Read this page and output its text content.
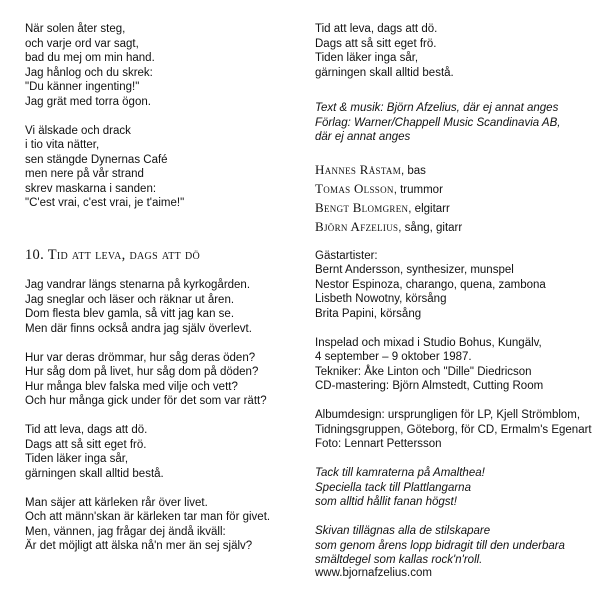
När solen åter steg,
och varje ord var sagt,
bad du mej om min hand.
Jag hånlog och du skrek:
"Du känner ingenting!"
Jag grät med torra ögon.
Vi älskade och drack
i tio vita nätter,
sen stängde Dynernas Café
men nere på vår strand
skrev maskarna i sanden:
"C'est vrai, c'est vrai, je t'aime!"
10. Tid att leva, dags att dö
Jag vandrar längs stenarna på kyrkogården.
Jag sneglar och läser och räknar ut åren.
Dom flesta blev gamla, så vitt jag kan se.
Men där finns också andra jag själv överlevt.
Hur var deras drömmar, hur såg deras öden?
Hur såg dom på livet, hur såg dom på döden?
Hur många blev falska med vilje och vett?
Och hur många gick under för det som var rätt?
Tid att leva, dags att dö.
Dags att så sitt eget frö.
Tiden läker inga sår,
gärningen skall alltid bestå.
Man säjer att kärleken rår över livet.
Och att männ'skan är kärleken tar man för givet.
Men, vännen, jag frågar dej ändå ikväll:
Är det möjligt att älska nå'n mer än sej själv?
Tid att leva, dags att dö.
Dags att så sitt eget frö.
Tiden läker inga sår,
gärningen skall alltid bestå.
Text & musik: Björn Afzelius, där ej annat anges
Förlag: Warner/Chappell Music Scandinavia AB,
där ej annat anges
Hannes Råstam, bas
Tomas Olsson, trummor
Bengt Blomgren, elgitarr
Björn Afzelius, sång, gitarr
Gästartister:
Bernt Andersson, synthesizer, munspel
Nestor Espinoza, charango, quena, zambona
Lisbeth Nowotny, körsång
Brita Papini, körsång
Inspelad och mixad i Studio Bohus, Kungälv,
4 september – 9 oktober 1987.
Tekniker: Åke Linton och "Dille" Diedricson
CD-mastering: Björn Almstedt, Cutting Room
Albumdesign: ursprungligen för LP, Kjell Strömblom,
Tidningsgruppen, Göteborg, för CD, Ermalm's Egenart
Foto: Lennart Pettersson
Tack till kamraterna på Amalthea!
Speciella tack till Plattlangarna
som alltid hållit fanan högst!
Skivan tillägnas alla de stilskapare
som genom årens lopp bidragit till den underbara
smältdegel som kallas rock'n'roll.
www.bjornafzelius.com
